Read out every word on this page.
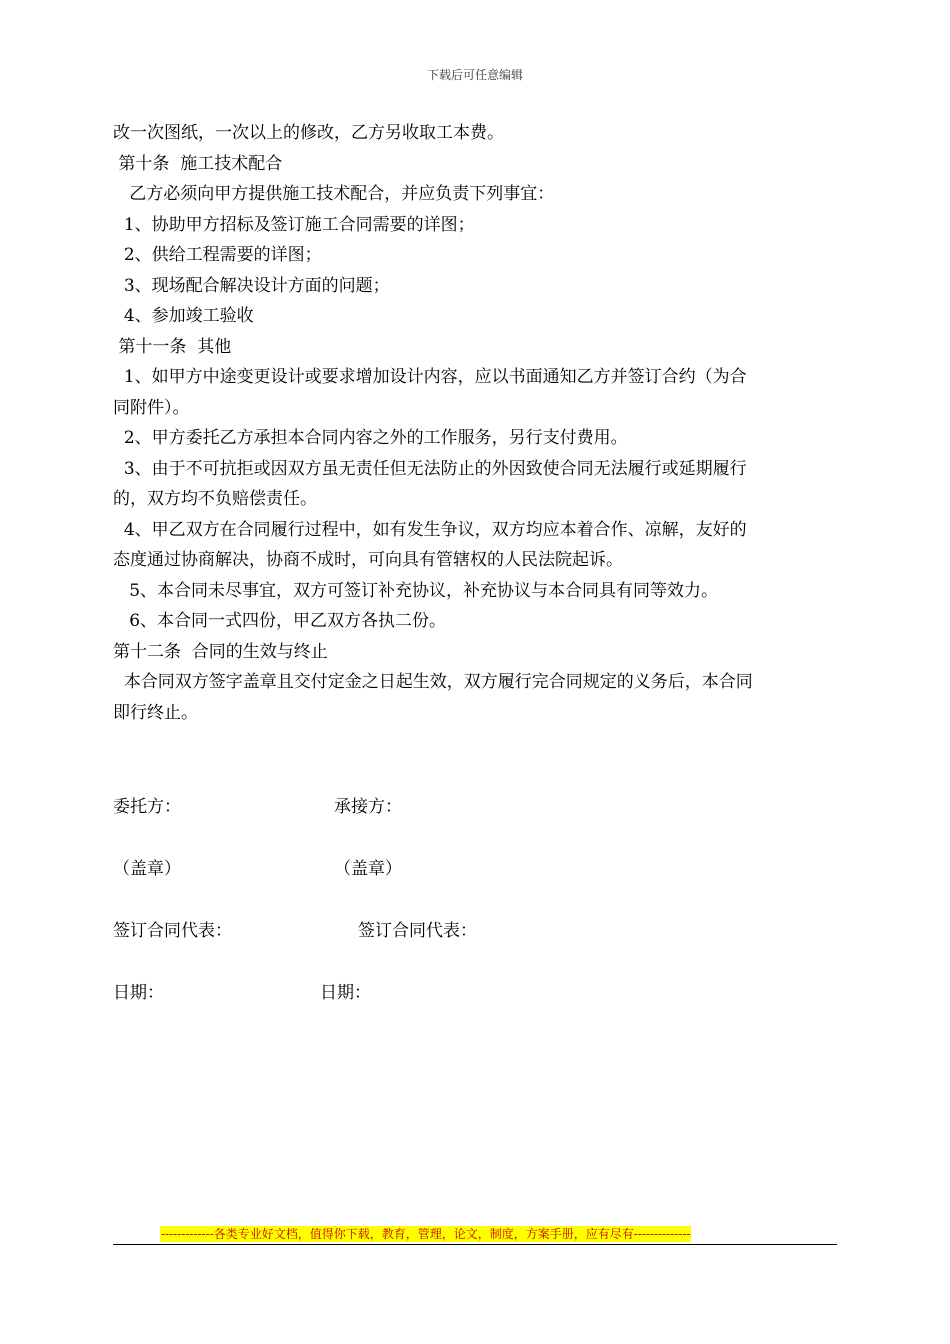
下载后可任意编辑

改一次图纸，一次以上的修改，乙方另收取工本费。

第十条  施工技术配合

乙方必须向甲方提供施工技术配合，并应负责下列事宜：

1、协助甲方招标及签订施工合同需要的详图；

2、供给工程需要的详图；

3、现场配合解决设计方面的问题；

4、参加竣工验收

第十一条  其他

1、如甲方中途变更设计或要求增加设计内容，应以书面通知乙方并签订合约（为合

同附件）。

2、甲方委托乙方承担本合同内容之外的工作服务，另行支付费用。

3、由于不可抗拒或因双方虽无责任但无法防止的外因致使合同无法履行或延期履行

的，双方均不负赔偿责任。

4、甲乙双方在合同履行过程中，如有发生争议，双方均应本着合作、凉解，友好的

态度通过协商解决，协商不成时，可向具有管辖权的人民法院起诉。

5、本合同未尽事宜，双方可签订补充协议，补充协议与本合同具有同等效力。

6、本合同一式四份，甲乙双方各执二份。

第十二条  合同的生效与终止

本合同双方签字盖章且交付定金之日起生效，双方履行完合同规定的义务后，本合同

即行终止。

委托方：	承接方：
（盖章）	（盖章）
签订合同代表：	签订合同代表：
日期：	日期：
-------------各类专业好文档，值得你下载，教育，管理，论文，制度，方案手册，应有尽有--------------
